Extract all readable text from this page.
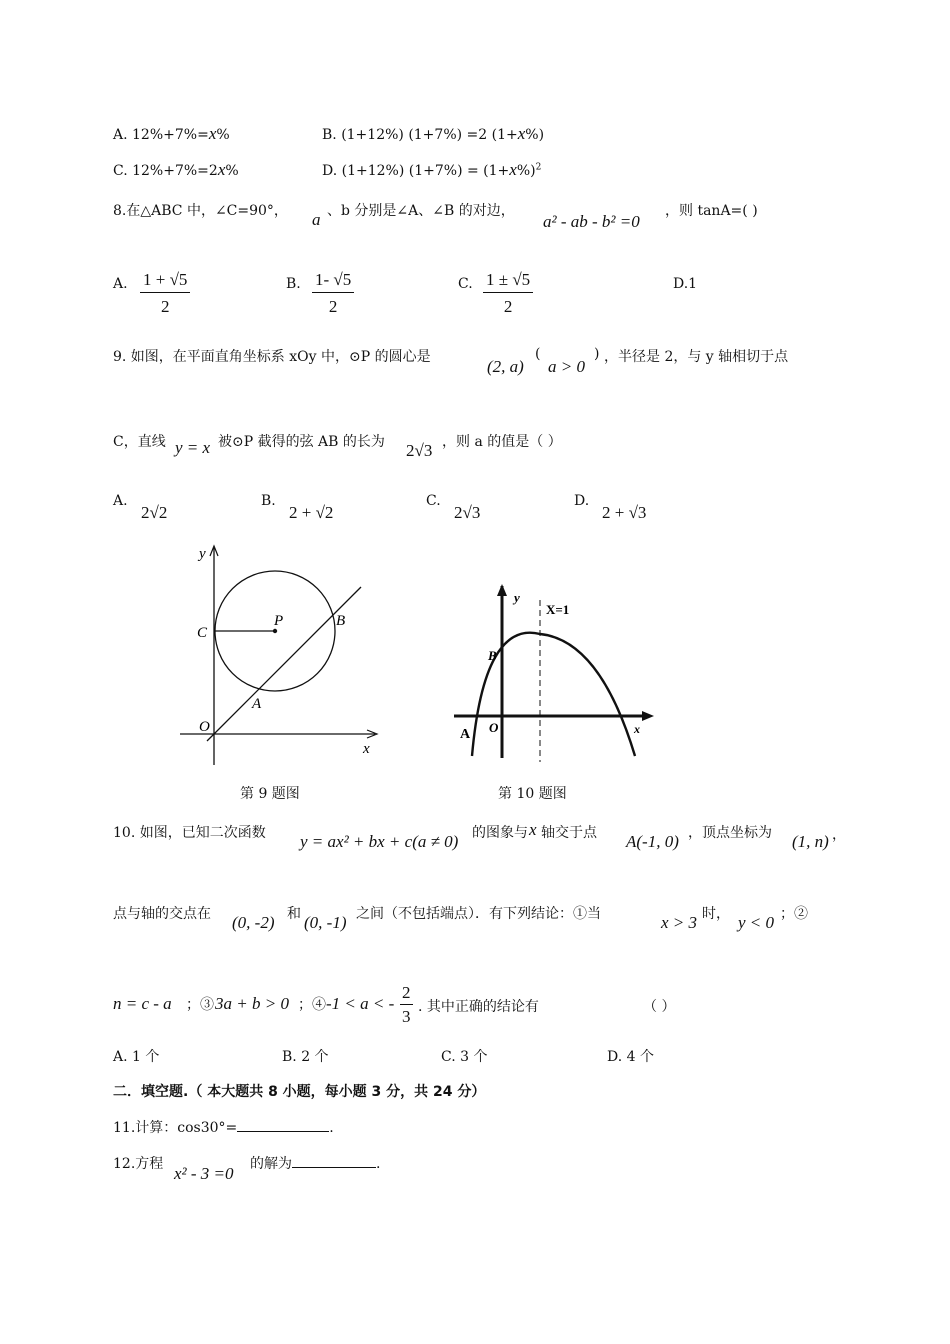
A. 12%+7%=x%	B. (1+12%) (1+7%) =2 (1+x%)
C. 12%+7%=2x%	D. (1+12%) $(1+7\%) = (1+x\%)^2$
8.在△ABC 中，∠C=90°， a 、b 分别是∠A、∠B 的对边，
a² - ab - b² =0
，则 tanA=( )
A. $\frac{1 + √5}{2}$	B. $\frac{1- √5}{2}$	C. $\frac{1 \pm √5}{2}$	D.1
9. 如图，在平面直角坐标系 xOy 中，⊙P 的圆心是	(2, a)
(
a > 0
) ，半径是 2，与 y 轴相切于点
C，直线 y = x 被⊙P 截得的弦 AB 的长为 2√3 ，则 a 的值是（ ）
A.
2√2
B.
2 + √2
C.
2√3
D.
2 + √3
y
x
C
P	B
A
O
第 9 题图
y
X=1
B
A O	x
第 10 题图
10. 如图，已知二次函数 y = ax² + bx + c(a ≠ 0) 的图象与 x 轴交于点 A(-1, 0) ，顶点坐标为 (1, n) ，
点与轴的交点在 (0, -2) 和 (0, -1) 之间（不包括端点）．有下列结论：①当	x > 3 时， y < 0 ；②
n = c - a ；③ 3a + b > 0 ；④ -1 < a < - $\frac{2}{3}$ . 其中正确的结论有	（ ）
A. 1 个	B. 2 个	C. 3 个	D. 4 个
二．填空题.（ 本大题共 8 小题，每小题 3 分，共 24 分）
11.计算：cos30°=	.
12.方程 x² - 3 =0 的解为	.
